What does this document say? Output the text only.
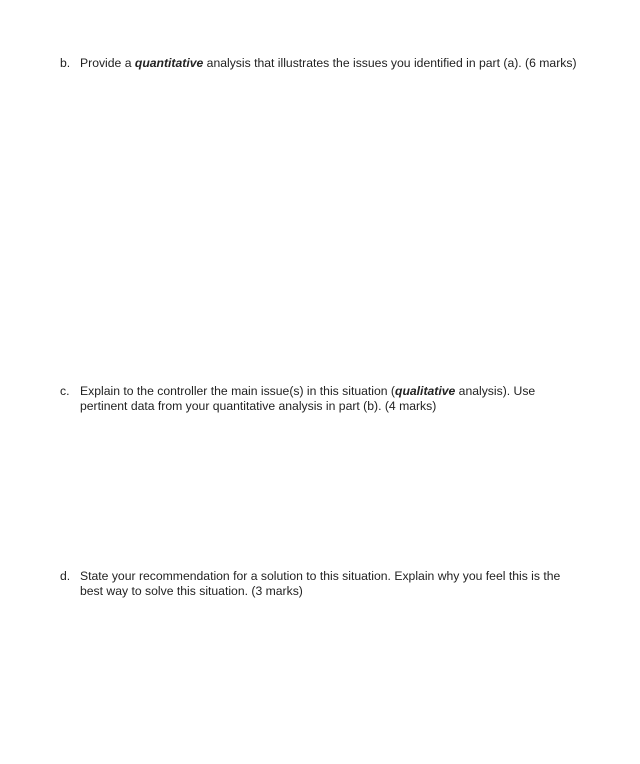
b. Provide a quantitative analysis that illustrates the issues you identified in part (a). (6 marks)
c. Explain to the controller the main issue(s) in this situation (qualitative analysis). Use pertinent data from your quantitative analysis in part (b). (4 marks)
d. State your recommendation for a solution to this situation. Explain why you feel this is the best way to solve this situation. (3 marks)
